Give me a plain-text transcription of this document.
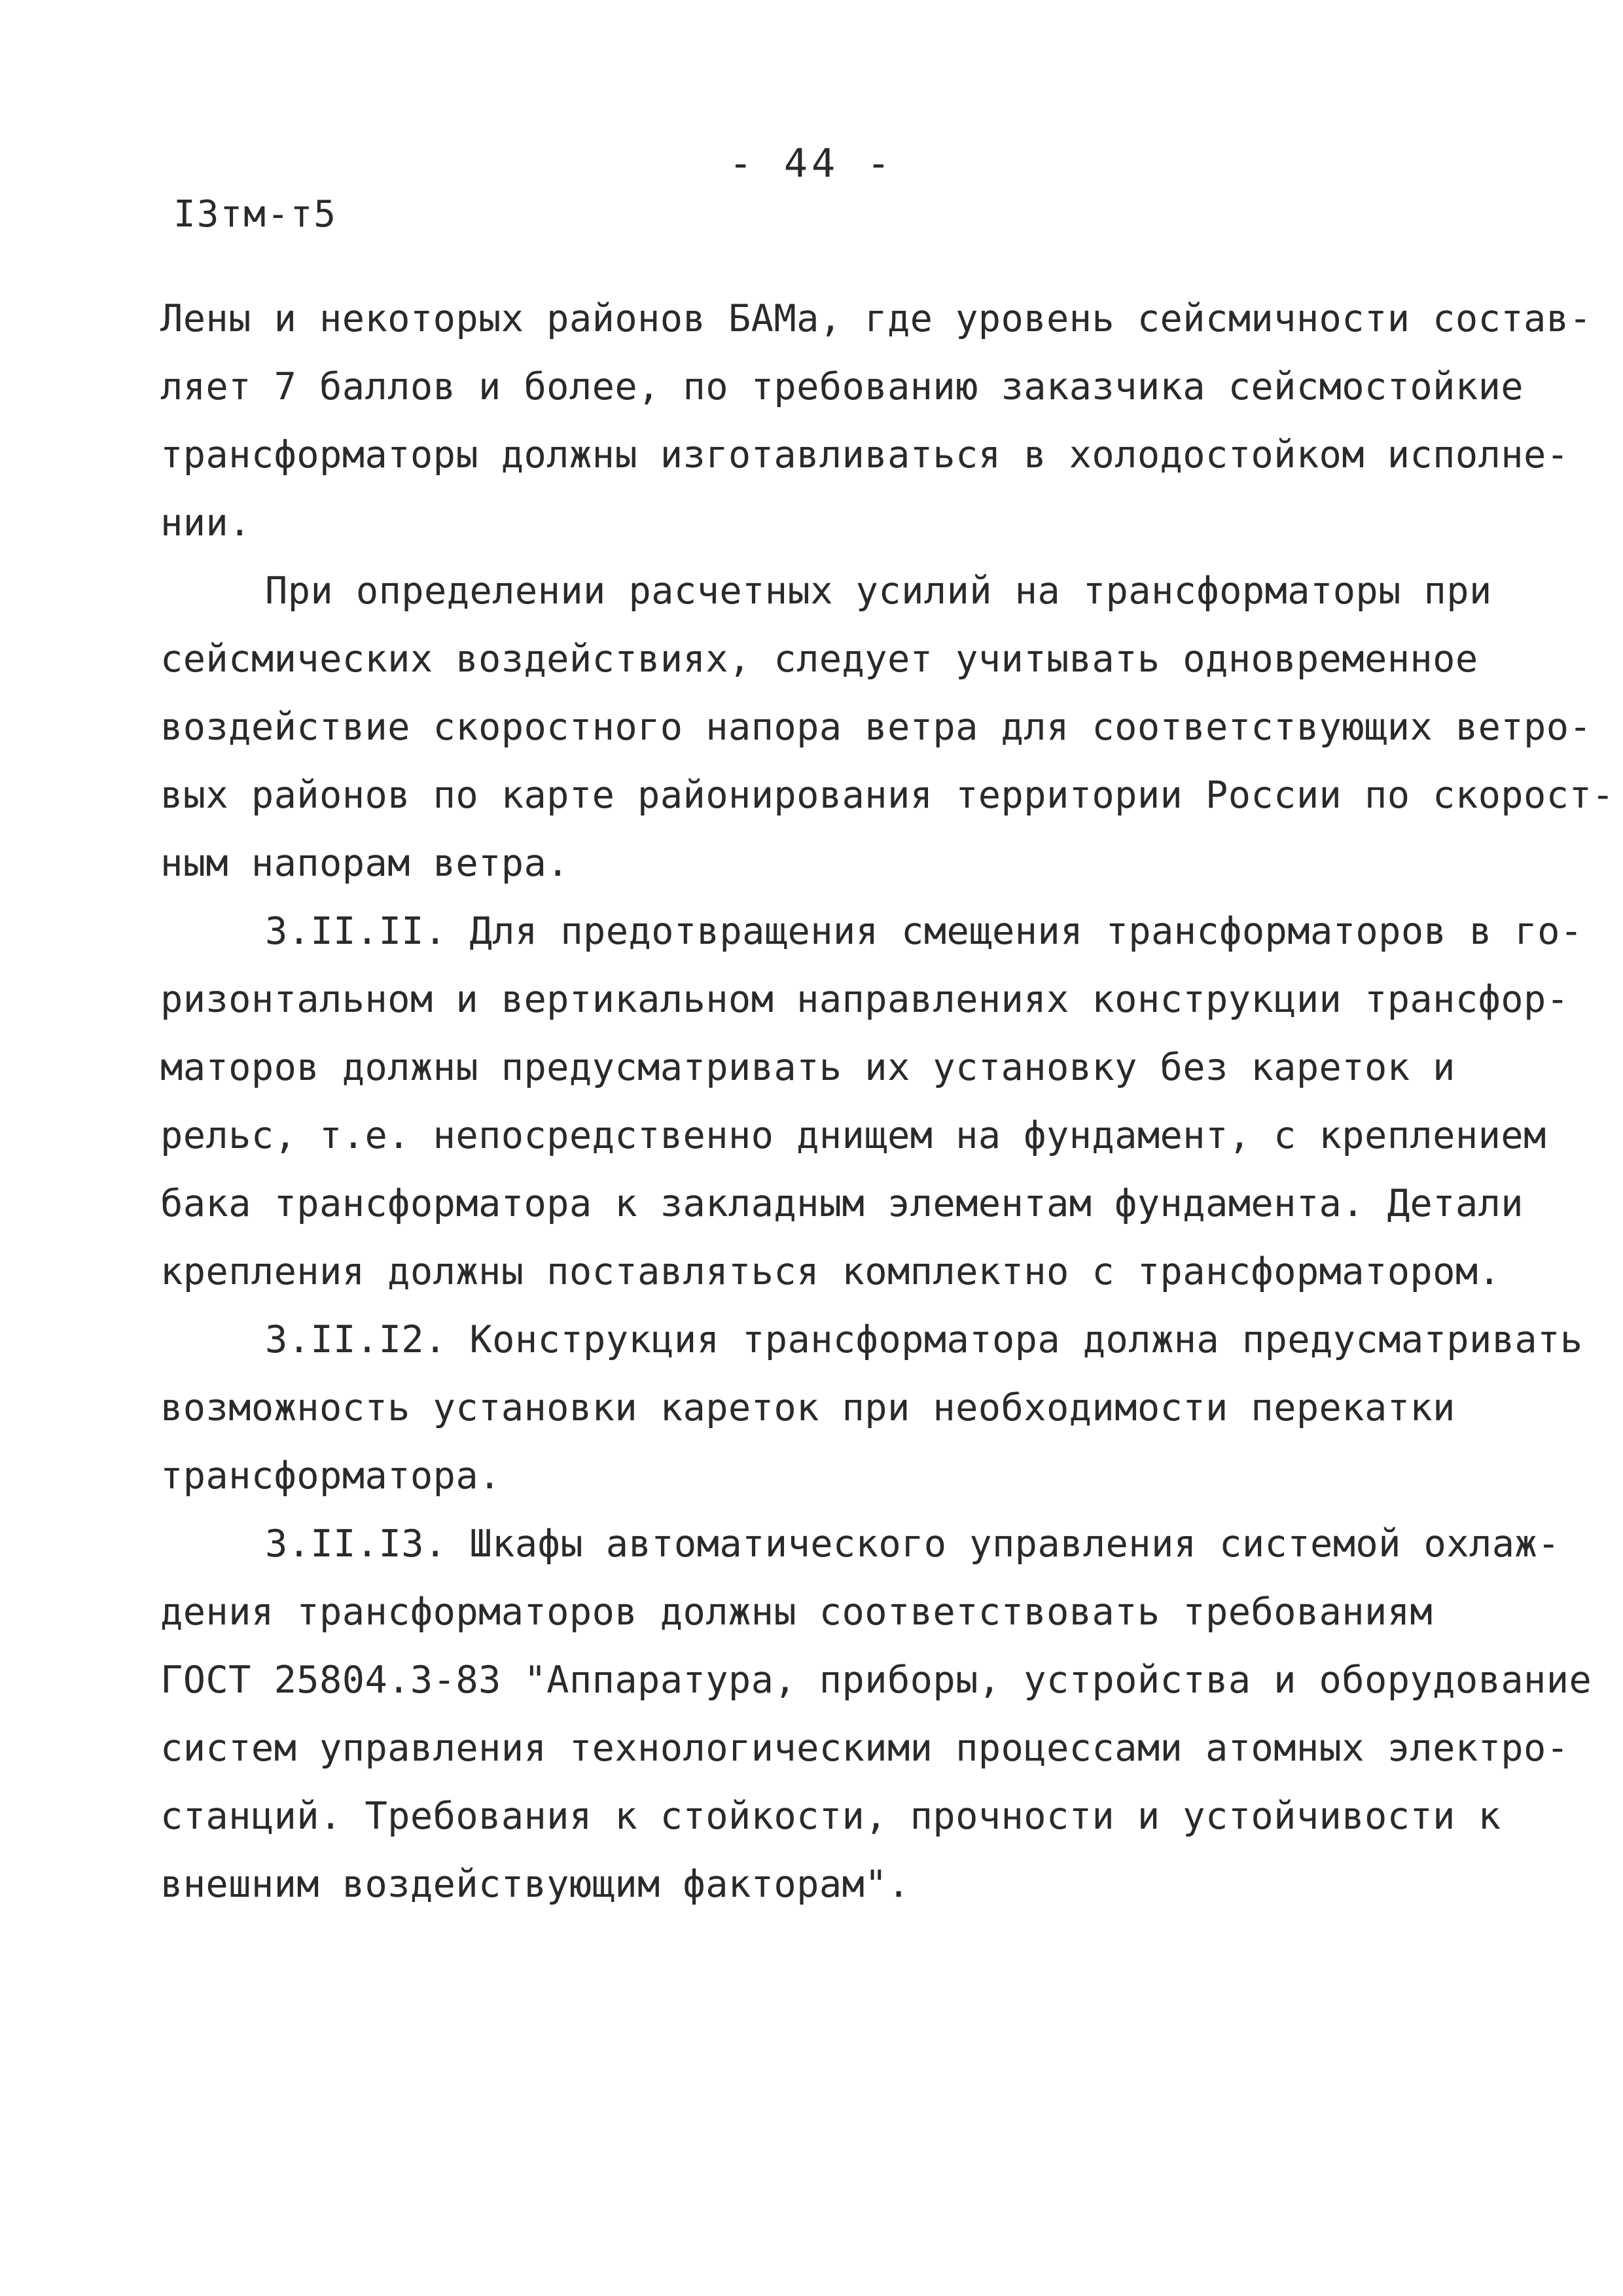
- 44 -
I3тм-т5
Лены и некоторых районов БАМа, где уровень сейсмичности состав-
ляет 7 баллов и более, по требованию заказчика сейсмостойкие
трансформаторы должны изготавливаться в холодостойком исполне-
нии.
При определении расчетных усилий на трансформаторы при
сейсмических воздействиях, следует учитывать одновременное
воздействие скоростного напора ветра для соответствующих ветро-
вых районов по карте районирования территории России по скорост-
ным напорам ветра.
3.II.II. Для предотвращения смещения трансформаторов в го-
ризонтальном и вертикальном направлениях конструкции трансфор-
маторов должны предусматривать их установку без кареток и
рельс, т.е. непосредственно днищем на фундамент, с креплением
бака трансформатора к закладным элементам фундамента. Детали
крепления должны поставляться комплектно с трансформатором.
3.II.I2. Конструкция трансформатора должна предусматривать
возможность установки кареток при необходимости перекатки
трансформатора.
3.II.I3. Шкафы автоматического управления системой охлаж-
дения трансформаторов должны соответствовать требованиям
ГОСТ 25804.3-83 "Аппаратура, приборы, устройства и оборудование
систем управления технологическими процессами атомных электро-
станций. Требования к стойкости, прочности и устойчивости к
внешним воздействующим факторам".
